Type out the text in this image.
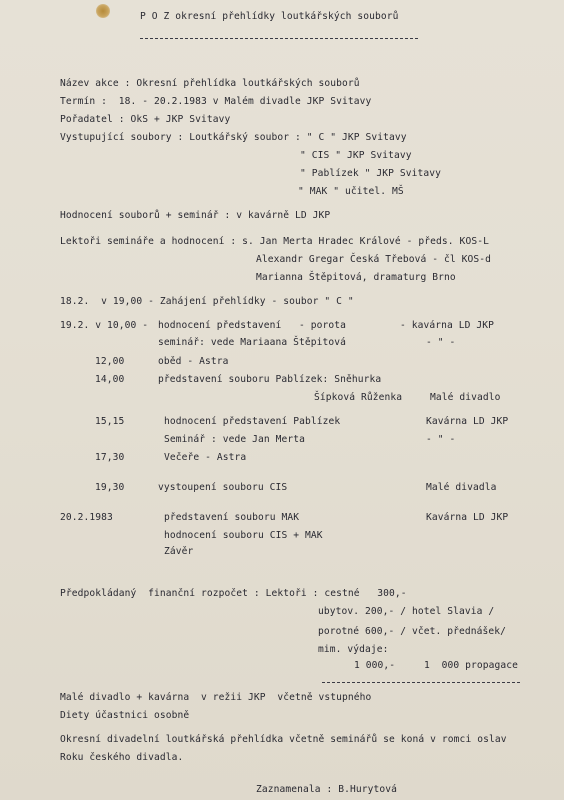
P O Z okresní přehlídky loutkářských souborů
Název akce : Okresní přehlídka loutkářských souborů
Termín :  18. - 20.2.1983 v Malém divadle JKP Svitavy
Pořadatel : OkS + JKP Svitavy
Vystupující soubory : Loutkářský soubor : " C " JKP Svitavy
" CIS " JKP Svitavy
" Pablízek " JKP Svitavy
" MAK " učitel. MŠ
Hodnocení souborů + seminář : v kavárně LD JKP
Lektoři semináře a hodnocení : s. Jan Merta Hradec Králové - předs. KOS-L
Alexandr Gregar Česká Třebová - čl KOS-d
Marianna Štěpitová, dramaturg Brno
18.2.  v 19,00 - Zahájení přehlídky - soubor " C "
19.2. v 10,00 - hodnocení představení   - porota	- kavárna LD JKP
seminář: vede Mariaana Štěpitová	- " -
12,00	oběd - Astra
14,00	představení souboru Pablízek: Sněhurka
Šípková Růženka	Malé divadlo
15,15	hodnocení představení Pablízek	Kavárna LD JKP
Seminář : vede Jan Merta	- " -
17,30	Večeře - Astra
19,30	vystoupení souboru CIS	Malé divadla
20.2.1983	představení souboru MAK	Kavárna LD JKP
hodnocení souboru CIS + MAK
Závěr
Předpokládaný  finanční rozpočet : Lektoři : cestné   300,-
ubytov. 200,- / hotel Slavia /
porotné 600,- / včet. přednášek/
mim. výdaje:
1 000,-	1  000 propagace
Malé divadlo + kavárna  v režii JKP  včetně vstupného
Diety účastnici osobně
Okresní divadelní loutkářská přehlídka včetně seminářů se koná v romci oslav
Roku českého divadla.
Zaznamenala : B.Hurytová
